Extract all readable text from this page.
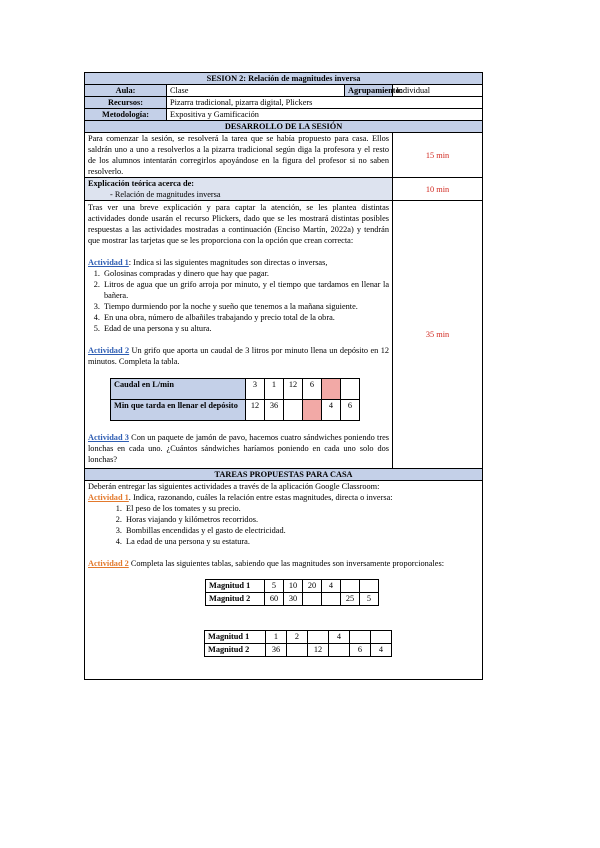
SESION 2: Relación de magnitudes inversa
Aula:	Clase	Agrupamiento:	Individual
Recursos:	Pizarra tradicional, pizarra digital, Plickers
Metodología:	Expositiva y Gamificación
DESARROLLO DE LA SESIÓN
Para comenzar la sesión, se resolverá la tarea que se había propuesto para casa. Ellos saldrán uno a uno a resolverlos a la pizarra tradicional según diga la profesora y el resto de los alumnos intentarán corregirlos apoyándose en la figura del profesor si no saben resolverlo.	15 min

Explicación teórica acerca de:
- Relación de magnitudes inversa
	10 min

Tras ver una breve explicación y para captar la atención, se les plantea distintas actividades donde usarán el recurso Plickers, dado que se les mostrará distintas posibles respuestas a las actividades mostradas a continuación (Enciso Martín, 2022a) y tendrán que mostrar las tarjetas que se les proporciona con la opción que crean correcta:

Actividad 1: Indica si las siguientes magnitudes son directas o inversas,

1. Golosinas compradas y dinero que hay que pagar.
2. Litros de agua que un grifo arroja por minuto, y el tiempo que tardamos en llenar la bañera.
3. Tiempo durmiendo por la noche y sueño que tenemos a la mañana siguiente.
4. En una obra, número de albañiles trabajando y precio total de la obra.
5. Edad de una persona y su altura.

Actividad 2 Un grifo que aporta un caudal de 3 litros por minuto llena un depósito en 12 minutos. Completa la tabla.

Caudal en L/min	3	1	12	6		
Min que tarda en llenar el depósito	12	36			4	6

Actividad 3 Con un paquete de jamón de pavo, hacemos cuatro sándwiches poniendo tres lonchas en cada uno. ¿Cuántos sándwiches haríamos poniendo en cada uno solo dos lonchas?

	35 min
TAREAS PROPUESTAS PARA CASA

Deberán entregar las siguientes actividades a través de la aplicación Google Classroom:

Actividad 1. Indica, razonando, cuáles la relación entre estas magnitudes, directa o inversa:

1. El peso de los tomates y su precio.
2. Horas viajando y kilómetros recorridos.
3. Bombillas encendidas y el gasto de electricidad.
4. La edad de una persona y su estatura.

Actividad 2 Completa las siguientes tablas, sabiendo que las magnitudes son inversamente proporcionales:

Magnitud 1	5	10	20	4		
Magnitud 2	60	30			25	5
Magnitud 1	1	2		4		
Magnitud 2	36		12		6	4
